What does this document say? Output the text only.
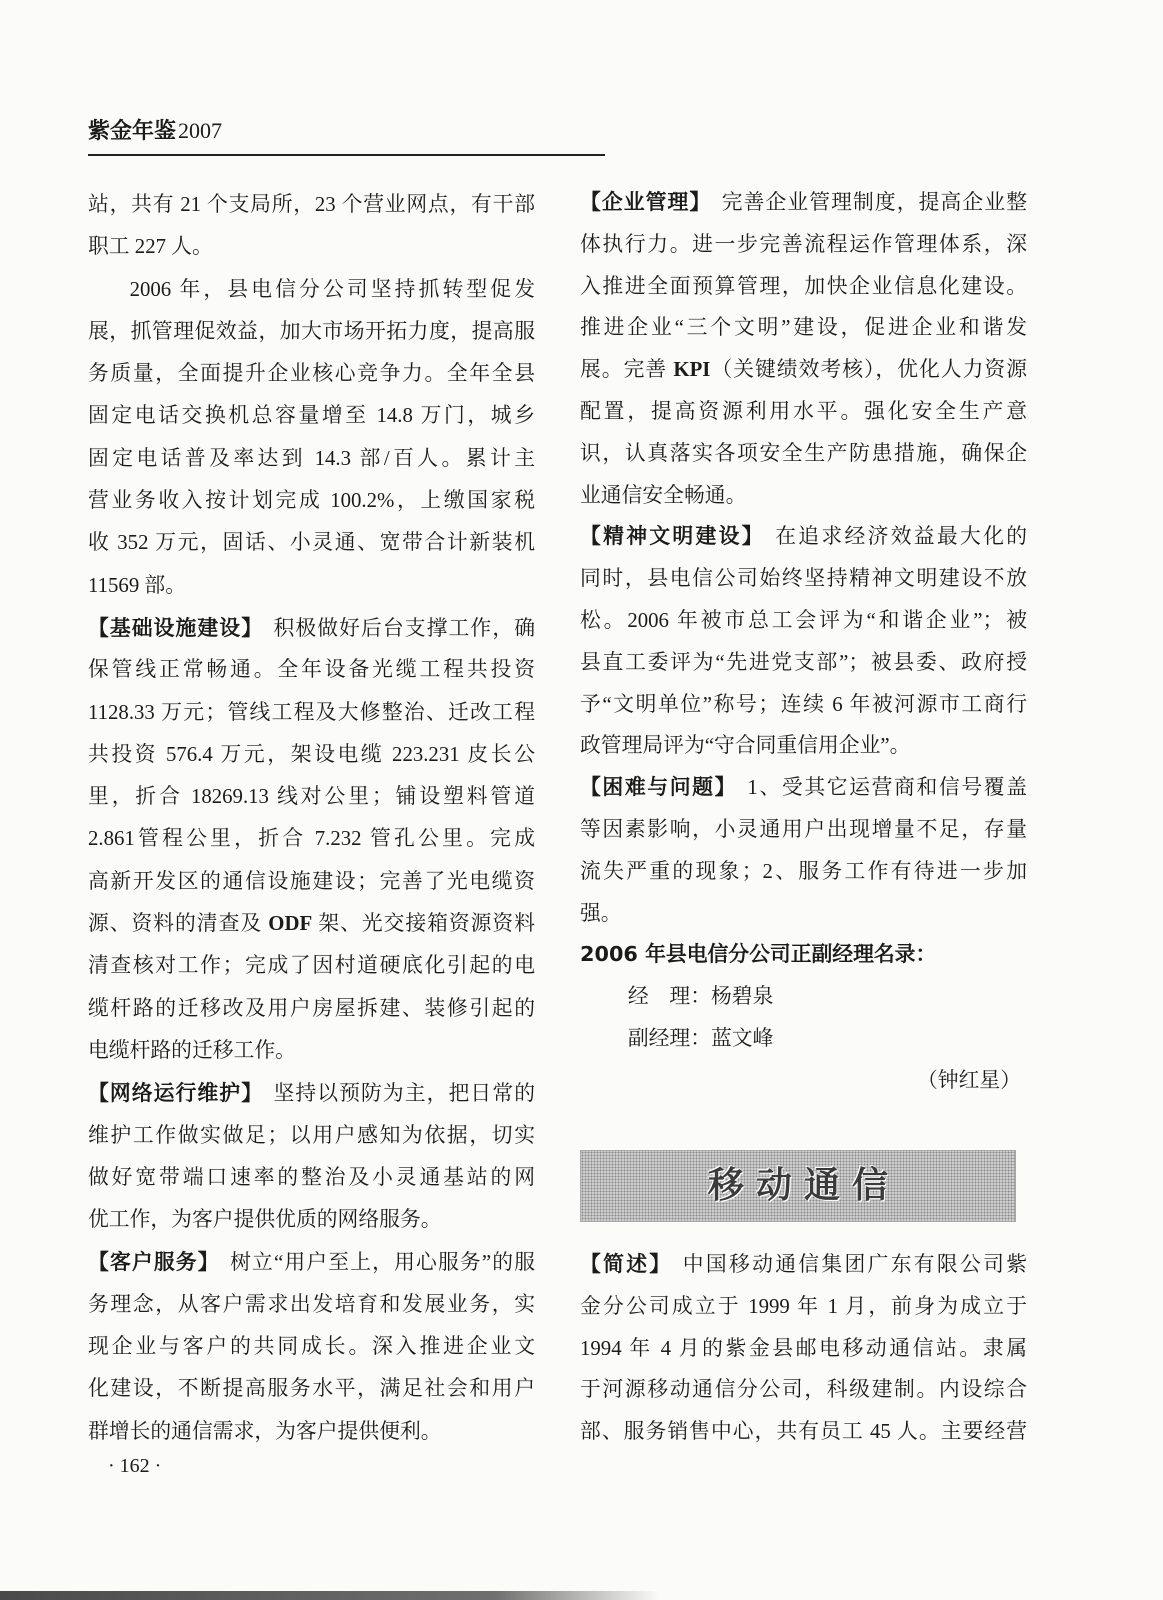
紫金年鉴2007
站，共有 21 个支局所，23 个营业网点，有干部
职工 227 人。
2006 年，县电信分公司坚持抓转型促发
展，抓管理促效益，加大市场开拓力度，提高服
务质量，全面提升企业核心竞争力。全年全县
固定电话交换机总容量增至 14.8 万门，城乡
固定电话普及率达到 14.3 部/百人。累计主
营业务收入按计划完成 100.2%，上缴国家税
收 352 万元，固话、小灵通、宽带合计新装机
11569 部。
【基础设施建设】 积极做好后台支撑工作，确
保管线正常畅通。全年设备光缆工程共投资
1128.33 万元；管线工程及大修整治、迁改工程
共投资 576.4 万元，架设电缆 223.231 皮长公
里，折合 18269.13 线对公里；铺设塑料管道
2.861管程公里，折合 7.232 管孔公里。完成
高新开发区的通信设施建设；完善了光电缆资
源、资料的清查及 ODF 架、光交接箱资源资料
清查核对工作；完成了因村道硬底化引起的电
缆杆路的迁移改及用户房屋拆建、装修引起的
电缆杆路的迁移工作。
【网络运行维护】 坚持以预防为主，把日常的
维护工作做实做足；以用户感知为依据，切实
做好宽带端口速率的整治及小灵通基站的网
优工作，为客户提供优质的网络服务。
【客户服务】 树立“用户至上，用心服务”的服
务理念，从客户需求出发培育和发展业务，实
现企业与客户的共同成长。深入推进企业文
化建设，不断提高服务水平，满足社会和用户
群增长的通信需求，为客户提供便利。
· 162 ·
【企业管理】 完善企业管理制度，提高企业整
体执行力。进一步完善流程运作管理体系，深
入推进全面预算管理，加快企业信息化建设。
推进企业“三个文明”建设，促进企业和谐发
展。完善 KPI（关键绩效考核），优化人力资源
配置，提高资源利用水平。强化安全生产意
识，认真落实各项安全生产防患措施，确保企
业通信安全畅通。
【精神文明建设】 在追求经济效益最大化的
同时，县电信公司始终坚持精神文明建设不放
松。2006 年被市总工会评为“和谐企业”；被
县直工委评为“先进党支部”；被县委、政府授
予“文明单位”称号；连续 6 年被河源市工商行
政管理局评为“守合同重信用企业”。
【困难与问题】 1、受其它运营商和信号覆盖
等因素影响，小灵通用户出现增量不足，存量
流失严重的现象；2、服务工作有待进一步加
强。
2006 年县电信分公司正副经理名录：
经　理：杨碧泉
副经理：蓝文峰
（钟红星）
移动通信
【简述】 中国移动通信集团广东有限公司紫
金分公司成立于 1999 年 1 月，前身为成立于
1994 年 4 月的紫金县邮电移动通信站。隶属
于河源移动通信分公司，科级建制。内设综合
部、服务销售中心，共有员工 45 人。主要经营
